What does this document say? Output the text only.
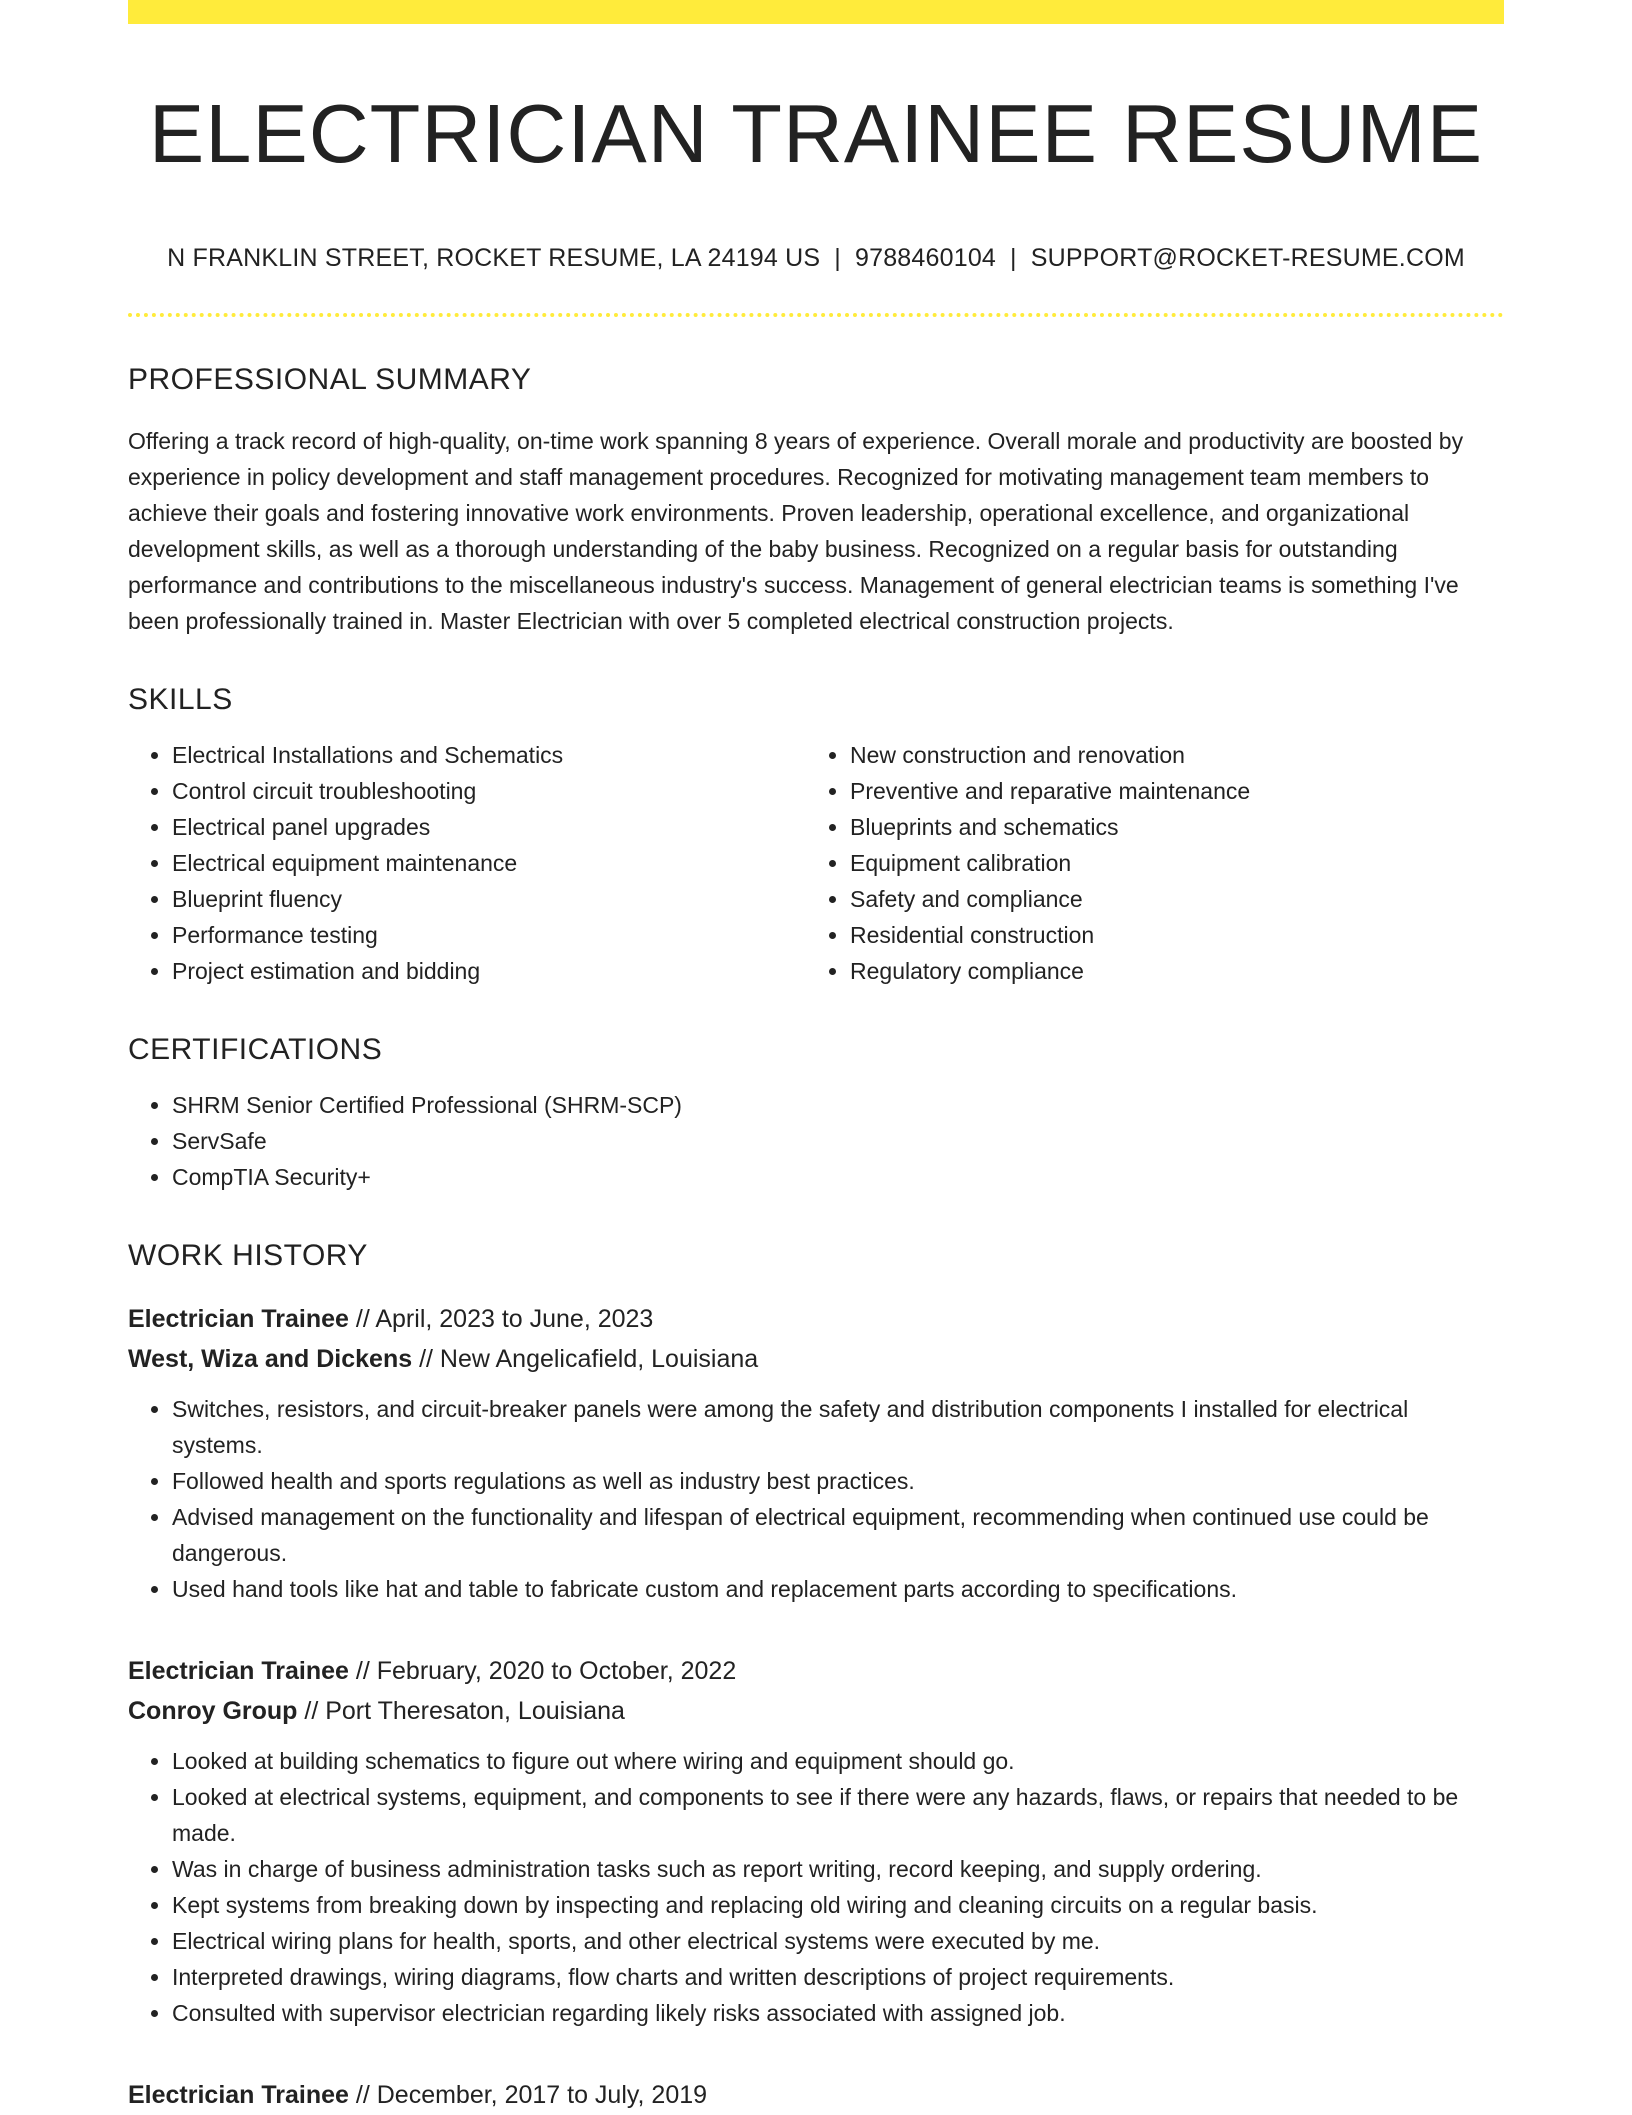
ELECTRICIAN TRAINEE RESUME
N FRANKLIN STREET, ROCKET RESUME, LA 24194 US | 9788460104 | SUPPORT@ROCKET-RESUME.COM
PROFESSIONAL SUMMARY

Offering a track record of high-quality, on-time work spanning 8 years of experience. Overall morale and productivity are boosted by experience in policy development and staff management procedures. Recognized for motivating management team members to achieve their goals and fostering innovative work environments. Proven leadership, operational excellence, and organizational development skills, as well as a thorough understanding of the baby business. Recognized on a regular basis for outstanding performance and contributions to the miscellaneous industry's success. Management of general electrician teams is something I've been professionally trained in. Master Electrician with over 5 completed electrical construction projects.

SKILLS
• Electrical Installations and Schematics
• Control circuit troubleshooting
• Electrical panel upgrades
• Electrical equipment maintenance
• Blueprint fluency
• Performance testing
• Project estimation and bidding
• New construction and renovation
• Preventive and reparative maintenance
• Blueprints and schematics
• Equipment calibration
• Safety and compliance
• Residential construction
• Regulatory compliance
CERTIFICATIONS
• SHRM Senior Certified Professional (SHRM-SCP)
• ServSafe
• CompTIA Security+
WORK HISTORY
Electrician Trainee // April, 2023 to June, 2023
West, Wiza and Dickens // New Angelicafield, Louisiana
• Switches, resistors, and circuit-breaker panels were among the safety and distribution components I installed for electrical systems.
• Followed health and sports regulations as well as industry best practices.
• Advised management on the functionality and lifespan of electrical equipment, recommending when continued use could be dangerous.
• Used hand tools like hat and table to fabricate custom and replacement parts according to specifications.
Electrician Trainee // February, 2020 to October, 2022
Conroy Group // Port Theresaton, Louisiana
• Looked at building schematics to figure out where wiring and equipment should go.
• Looked at electrical systems, equipment, and components to see if there were any hazards, flaws, or repairs that needed to be made.
• Was in charge of business administration tasks such as report writing, record keeping, and supply ordering.
• Kept systems from breaking down by inspecting and replacing old wiring and cleaning circuits on a regular basis.
• Electrical wiring plans for health, sports, and other electrical systems were executed by me.
• Interpreted drawings, wiring diagrams, flow charts and written descriptions of project requirements.
• Consulted with supervisor electrician regarding likely risks associated with assigned job.
Electrician Trainee // December, 2017 to July, 2019
